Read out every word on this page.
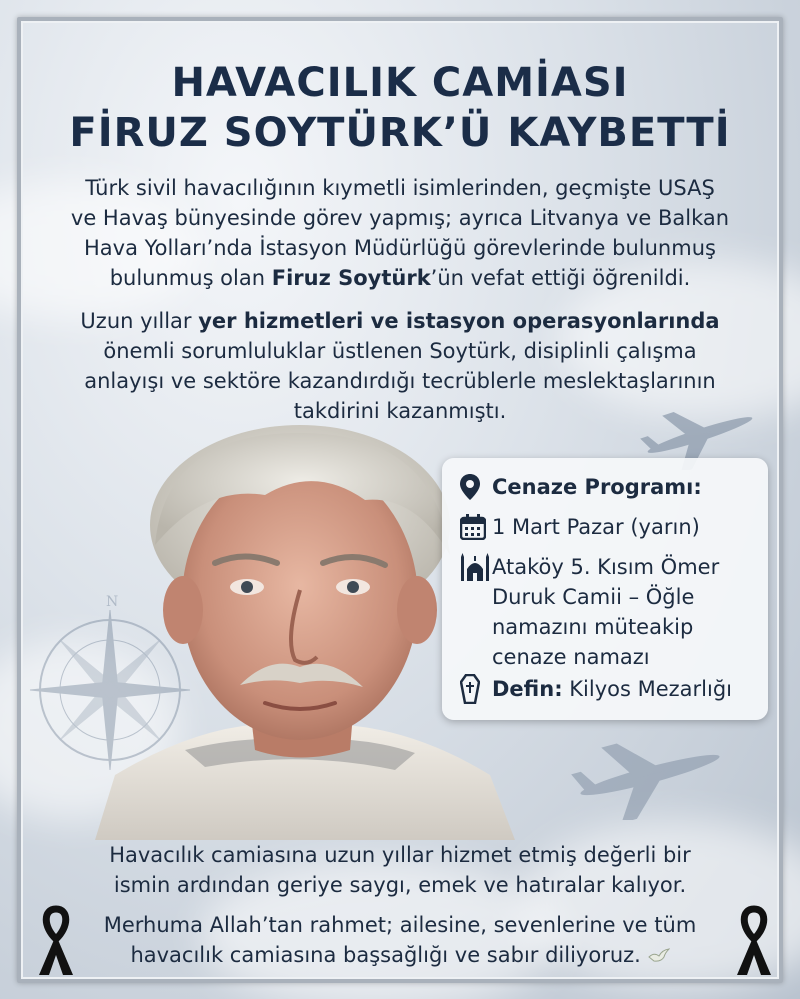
N
HAVACILIK CAMİASI
FİRUZ SOYTÜRK’Ü KAYBETTİ
Türk sivil havacılığının kıymetli isimlerinden, geçmişte USAŞ
ve Havaş bünyesinde görev yapmış; ayrıca Litvanya ve Balkan
Hava Yolları’nda İstasyon Müdürlüğü görevlerinde bulunmuş
bulunmuş olan Firuz Soytürk’ün vefat ettiği öğrenildi.
Uzun yıllar yer hizmetleri ve istasyon operasyonlarında
önemli sorumluluklar üstlenen Soytürk, disiplinli çalışma
anlayışı ve sektöre kazandırdığı tecrüblerle meslektaşlarının
takdirini kazanmıştı.
Cenaze Programı:
1 Mart Pazar (yarın)
Ataköy 5. Kısım Ömer Duruk Camii – Öğle namazını müteakip cenaze namazı
Defin: Kilyos Mezarlığı
Havacılık camiasına uzun yıllar hizmet etmiş değerli bir
ismin ardından geriye saygı, emek ve hatıralar kalıyor.
Merhuma Allah’tan rahmet; ailesine, sevenlerine ve tüm
havacılık camiasına başsağlığı ve sabır diliyoruz.
